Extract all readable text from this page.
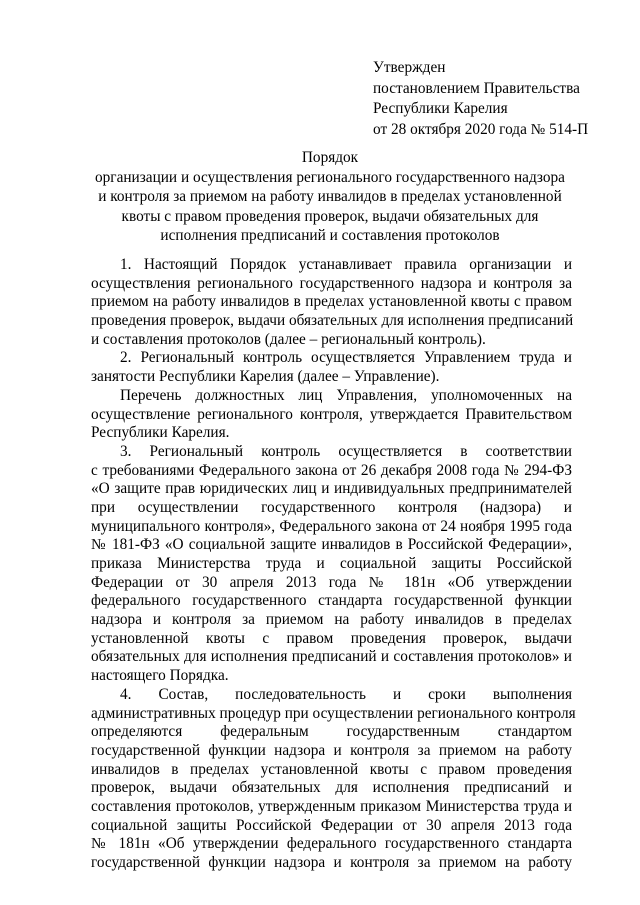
Утвержден
постановлением Правительства
Республики Карелия
от 28 октября 2020 года № 514-П
Порядок
организации и осуществления регионального государственного надзора
и контроля за приемом на работу инвалидов в пределах установленной
квоты с правом проведения проверок, выдачи обязательных для
исполнения предписаний и составления протоколов
1. Настоящий Порядок устанавливает правила организации и
осуществления регионального государственного надзора и контроля за
приемом на работу инвалидов в пределах установленной квоты с правом
проведения проверок, выдачи обязательных для исполнения предписаний
и составления протоколов (далее – региональный контроль).
2. Региональный контроль осуществляется Управлением труда и
занятости Республики Карелия (далее – Управление).
Перечень должностных лиц Управления, уполномоченных на
осуществление регионального контроля, утверждается Правительством
Республики Карелия.
3. Региональный контроль осуществляется в соответствии
с требованиями Федерального закона от 26 декабря 2008 года № 294-ФЗ
«О защите прав юридических лиц и индивидуальных предпринимателей
при осуществлении государственного контроля (надзора) и
муниципального контроля», Федерального закона от 24 ноября 1995 года
№ 181-ФЗ «О социальной защите инвалидов в Российской Федерации»,
приказа Министерства труда и социальной защиты Российской
Федерации от 30 апреля 2013 года № 181н «Об утверждении
федерального государственного стандарта государственной функции
надзора и контроля за приемом на работу инвалидов в пределах
установленной квоты с правом проведения проверок, выдачи
обязательных для исполнения предписаний и составления протоколов» и
настоящего Порядка.
4. Состав, последовательность и сроки выполнения
административных процедур при осуществлении регионального контроля
определяются федеральным государственным стандартом
государственной функции надзора и контроля за приемом на работу
инвалидов в пределах установленной квоты с правом проведения
проверок, выдачи обязательных для исполнения предписаний и
составления протоколов, утвержденным приказом Министерства труда и
социальной защиты Российской Федерации от 30 апреля 2013 года
№ 181н «Об утверждении федерального государственного стандарта
государственной функции надзора и контроля за приемом на работу
